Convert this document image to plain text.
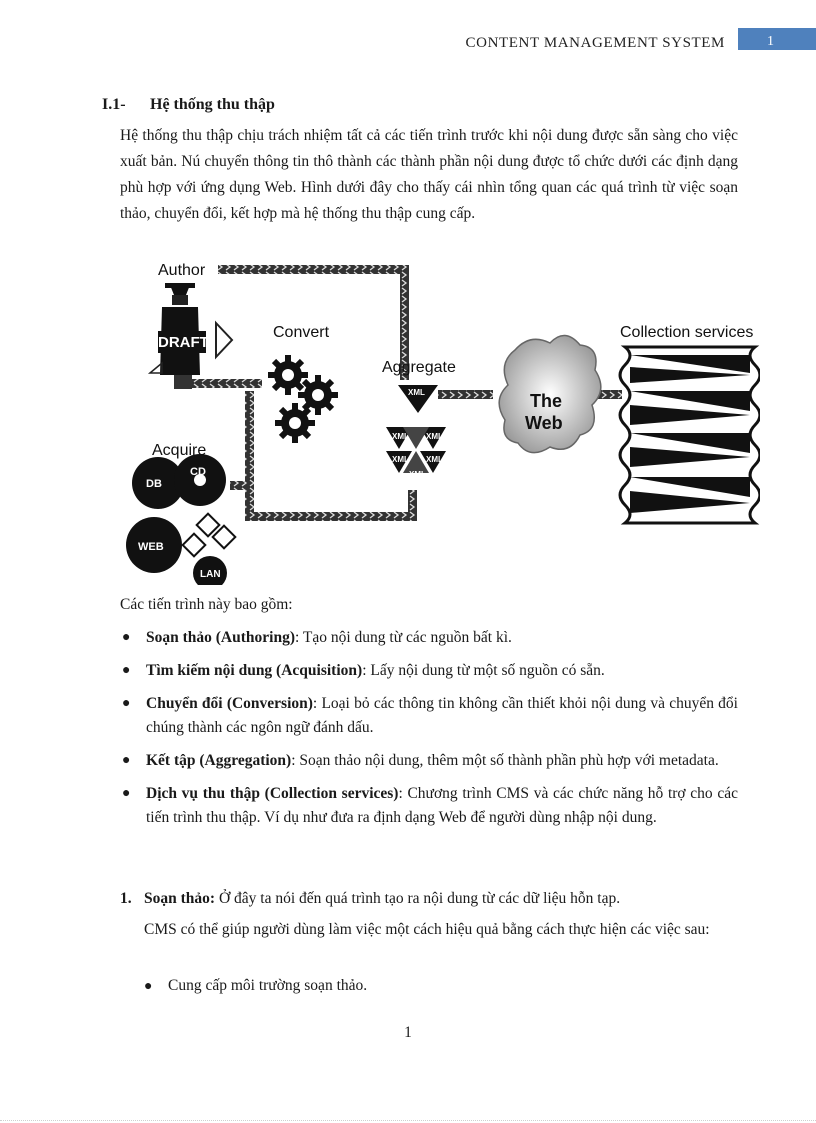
CONTENT MANAGEMENT SYSTEM	1
I.1- Hệ thống thu thập
Hệ thống thu thập chịu trách nhiệm tất cả các tiến trình trước khi nội dung được sẵn sàng cho việc xuất bản. Nú chuyển thông tin thô thành các thành phần nội dung được tổ chức dưới các định dạng phù hợp với ứng dụng Web. Hình dưới đây cho thấy cái nhìn tổng quan các quá trình từ việc soạn thảo, chuyển đổi, kết hợp mà hệ thống thu thập cung cấp.
DRAFT
XML
XML XML
XML XML
XML
The
Web
DB
CD
WEB
LAN
Author
Convert
Aggregate
Acquire
Collection services
Các tiến trình này bao gồm:
● Soạn thảo (Authoring): Tạo nội dung từ các nguồn bất kì.
● Tìm kiếm nội dung (Acquisition): Lấy nội dung từ một số nguồn có sẵn.
● Chuyển đổi (Conversion): Loại bỏ các thông tin không cần thiết khỏi nội dung và chuyển đổi chúng thành các ngôn ngữ đánh dấu.
● Kết tập (Aggregation): Soạn thảo nội dung, thêm một số thành phần phù hợp với metadata.
● Dịch vụ thu thập (Collection services): Chương trình CMS và các chức năng hỗ trợ cho các tiến trình thu thập. Ví dụ như đưa ra định dạng Web để người dùng nhập nội dung.
1. Soạn thảo: Ở đây ta nói đến quá trình tạo ra nội dung từ các dữ liệu hỗn tạp.
CMS có thể giúp người dùng làm việc một cách hiệu quả bằng cách thực hiện các việc sau:
● Cung cấp môi trường soạn thảo.
1
